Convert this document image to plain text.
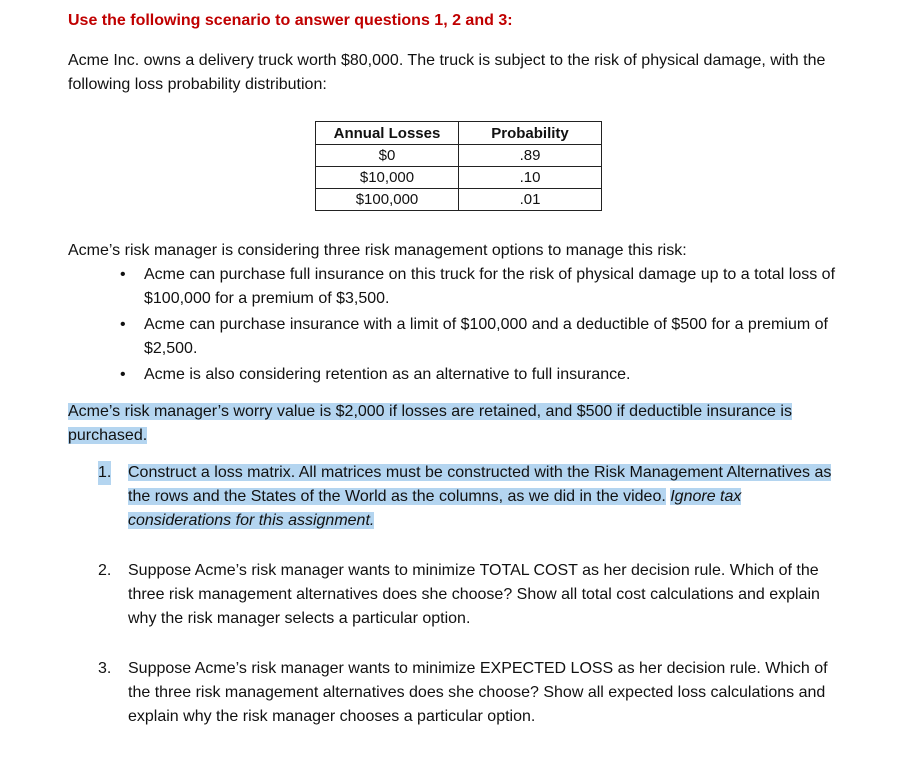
Use the following scenario to answer questions 1, 2 and 3:
Acme Inc. owns a delivery truck worth $80,000. The truck is subject to the risk of physical damage, with the following loss probability distribution:
Annual Losses	Probability
$0	.89
$10,000	.10
$100,000	.01
Acme’s risk manager is considering three risk management options to manage this risk:
• Acme can purchase full insurance on this truck for the risk of physical damage up to a total loss of $100,000 for a premium of $3,500.
• Acme can purchase insurance with a limit of $100,000 and a deductible of $500 for a premium of $2,500.
• Acme is also considering retention as an alternative to full insurance.
Acme’s risk manager’s worry value is $2,000 if losses are retained, and $500 if deductible insurance is purchased.
1. Construct a loss matrix. All matrices must be constructed with the Risk Management Alternatives as the rows and the States of the World as the columns, as we did in the video. Ignore tax considerations for this assignment.
2. Suppose Acme’s risk manager wants to minimize TOTAL COST as her decision rule. Which of the three risk management alternatives does she choose? Show all total cost calculations and explain why the risk manager selects a particular option.
3. Suppose Acme’s risk manager wants to minimize EXPECTED LOSS as her decision rule. Which of the three risk management alternatives does she choose? Show all expected loss calculations and explain why the risk manager chooses a particular option.
